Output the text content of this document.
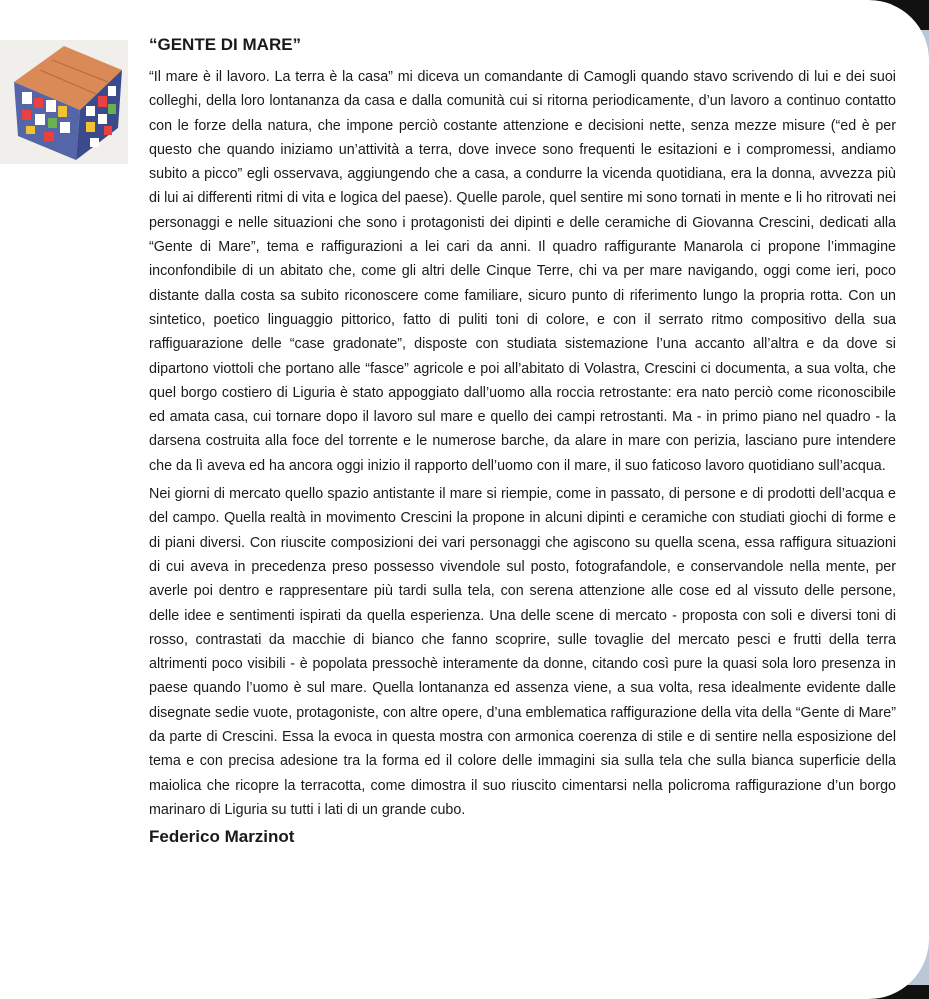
“GENTE DI MARE”

“Il mare è il lavoro. La terra è la casa” mi diceva un comandante di Camogli quando stavo scrivendo di lui e dei suoi colleghi, della loro lontananza da casa e dalla comunità cui si ritorna periodicamente, d’un lavoro a continuo contatto con le forze della natura, che impone perciò costante attenzione e decisioni nette, senza mezze misure (“ed è per questo che quando iniziamo un’attività a terra, dove invece sono frequenti le esitazioni e i compromessi, andiamo subito a picco” egli osservava, aggiungendo che a casa, a condurre la vicenda quotidiana, era la donna, avvezza più di lui ai differenti ritmi di vita e logica del paese). Quelle parole, quel sentire mi sono tornati in mente e li ho ritrovati nei personaggi e nelle situazioni che sono i protagonisti dei dipinti e delle ceramiche di Giovanna Crescini, dedicati alla “Gente di Mare”, tema e raffigurazioni a lei cari da anni. Il quadro raffigurante Manarola ci propone l’immagine inconfondibile di un abitato che, come gli altri delle Cinque Terre, chi va per mare navigando, oggi come ieri, poco distante dalla costa sa subito riconoscere come familiare, sicuro punto di riferimento lungo la propria rotta. Con un sintetico, poetico linguaggio pittorico, fatto di puliti toni di colore, e con il serrato ritmo compositivo della sua raffiguarazione delle “case gradonate”, disposte con studiata sistemazione l’una accanto all’altra e da dove si dipartono viottoli che portano alle “fasce” agricole e poi all’abitato di Volastra, Crescini ci documenta, a sua volta, che quel borgo costiero di Liguria è stato appoggiato dall’uomo alla roccia retrostante: era nato perciò come riconoscibile ed amata casa, cui tornare dopo il lavoro sul mare e quello dei campi retrostanti. Ma - in primo piano nel quadro - la darsena costruita alla foce del torrente e le numerose barche, da alare in mare con perizia, lasciano pure intendere che da lì aveva ed ha ancora oggi inizio il rapporto dell’uomo con il mare, il suo faticoso lavoro quotidiano sull’acqua.

Nei giorni di mercato quello spazio antistante il mare si riempie, come in passato, di persone e di prodotti dell’acqua e del campo. Quella realtà in movimento Crescini la propone in alcuni dipinti e ceramiche con studiati giochi di forme e di piani diversi. Con riuscite composizioni dei vari personaggi che agiscono su quella scena, essa raffigura situazioni di cui aveva in precedenza preso possesso vivendole sul posto, fotografandole, e conservandole nella mente, per averle poi dentro e rappresentare più tardi sulla tela, con serena attenzione alle cose ed al vissuto delle persone, delle idee e sentimenti ispirati da quella esperienza. Una delle scene di mercato - proposta con soli e diversi toni di rosso, contrastati da macchie di bianco che fanno scoprire, sulle tovaglie del mercato pesci e frutti della terra altrimenti poco visibili - è popolata pressochè interamente da donne, citando così pure la quasi sola loro presenza in paese quando l’uomo è sul mare. Quella lontananza ed assenza viene, a sua volta, resa idealmente evidente dalle disegnate sedie vuote, protagoniste, con altre opere, d’una emblematica raffigurazione della vita della “Gente di Mare” da parte di Crescini. Essa la evoca in questa mostra con armonica coerenza di stile e di sentire nella esposizione del tema e con precisa adesione tra la forma ed il colore delle immagini sia sulla tela che sulla bianca superficie della maiolica che ricopre la terracotta, come dimostra il suo riuscito cimentarsi nella policroma raffigurazione d’un borgo marinaro di Liguria su tutti i lati di un grande cubo.

Federico Marzinot
